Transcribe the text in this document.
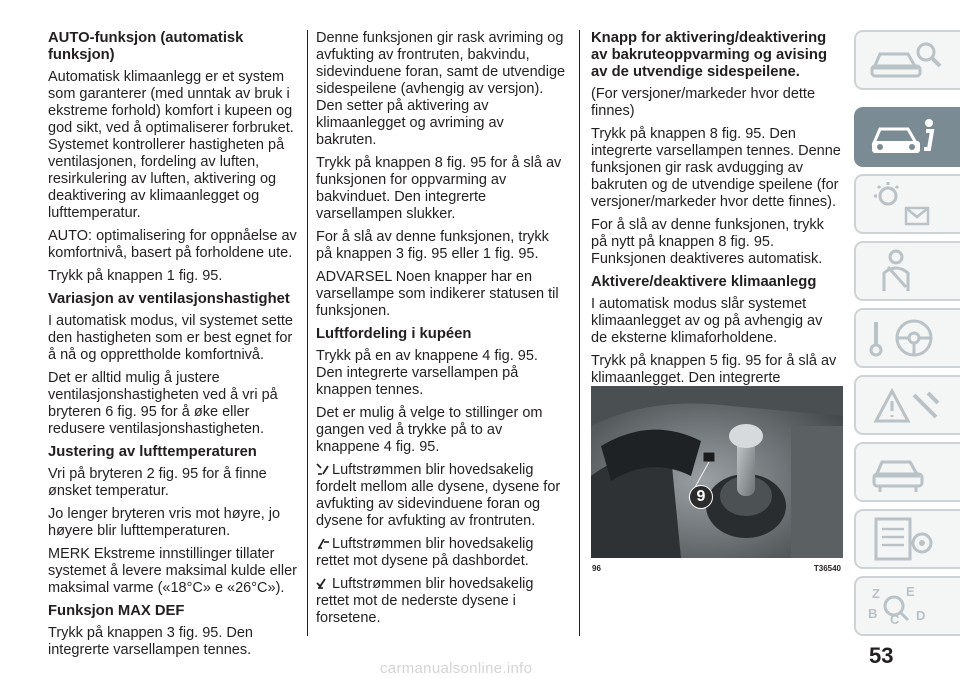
AUTO-funksjon (automatisk funksjon)

Automatisk klimaanlegg er et system som garanterer (med unntak av bruk i ekstreme forhold) komfort i kupeen og god sikt, ved å optimaliserer forbruket. Systemet kontrollerer hastigheten på ventilasjonen, fordeling av luften, resirkulering av luften, aktivering og deaktivering av klimaanlegget og lufttemperatur.

AUTO: optimalisering for oppnåelse av komfortnivå, basert på forholdene ute.

Trykk på knappen 1 fig. 95.

Variasjon av ventilasjonshastighet

I automatisk modus, vil systemet sette den hastigheten som er best egnet for å nå og opprettholde komfortnivå.

Det er alltid mulig å justere ventilasjonshastigheten ved å vri på bryteren 6 fig. 95 for å øke eller redusere ventilasjonshastigheten.

Justering av lufttemperaturen

Vri på bryteren 2 fig. 95 for å finne ønsket temperatur.

Jo lenger bryteren vris mot høyre, jo høyere blir lufttemperaturen.

MERK Ekstreme innstillinger tillater systemet å levere maksimal kulde eller maksimal varme («18°C» e «26°C»).

Funksjon MAX DEF

Trykk på knappen 3 fig. 95. Den integrerte varsellampen tennes.

Denne funksjonen gir rask avriming og avfukting av frontruten, bakvindu, sidevinduene foran, samt de utvendige sidespeilene (avhengig av versjon). Den setter på aktivering av klimaanlegget og avriming av bakruten.

Trykk på knappen 8 fig. 95 for å slå av funksjonen for oppvarming av bakvinduet. Den integrerte varsellampen slukker.

For å slå av denne funksjonen, trykk på knappen 3 fig. 95 eller 1 fig. 95.

ADVARSEL Noen knapper har en varsellampe som indikerer statusen til funksjonen.

Luftfordeling i kupéen

Trykk på en av knappene 4 fig. 95. Den integrerte varsellampen på knappen tennes.

Det er mulig å velge to stillinger om gangen ved å trykke på to av knappene 4 fig. 95.

Luftstrømmen blir hovedsakelig fordelt mellom alle dysene, dysene for avfukting av sidevinduene foran og dysene for avfukting av frontruten.

Luftstrømmen blir hovedsakelig rettet mot dysene på dashbordet.

Luftstrømmen blir hovedsakelig rettet mot de nederste dysene i forsetene.

Knapp for aktivering/deaktivering av bakruteoppvarming og avising av de utvendige sidespeilene.

(For versjoner/markeder hvor dette finnes)

Trykk på knappen 8 fig. 95. Den integrerte varsellampen tennes. Denne funksjonen gir rask avdugging av bakruten og de utvendige speilene (for versjoner/markeder hvor dette finnes).

For å slå av denne funksjonen, trykk på nytt på knappen 8 fig. 95. Funksjonen deaktiveres automatisk.

Aktivere/deaktivere klimaanlegg

I automatisk modus slår systemet klimaanlegget av og på avhengig av de eksterne klimaforholdene.

Trykk på knappen 5 fig. 95 for å slå av klimaanlegget. Den integrerte

9
96	T36540
Z E
B C D
53
carmanualsonline.info
